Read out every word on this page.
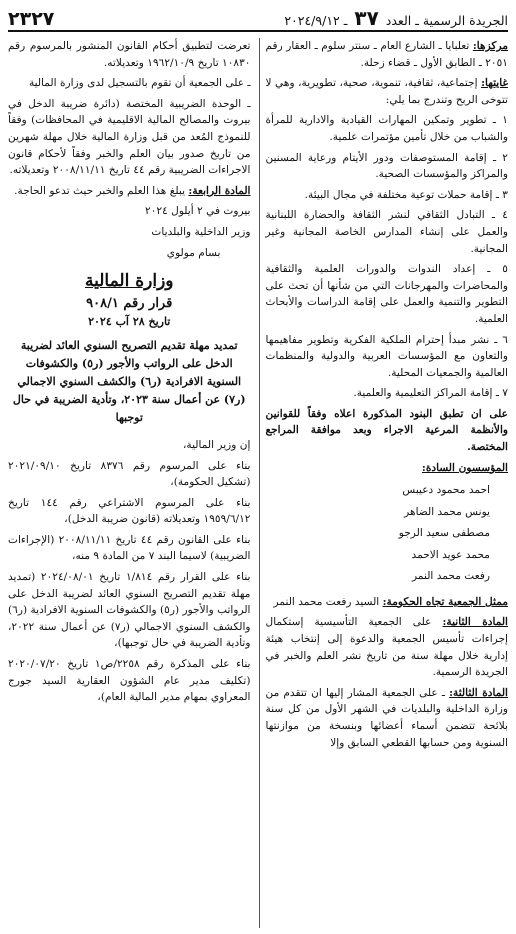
الجريدة الرسمية ـ العدد ٣٧ ـ ٢٠٢٤/٩/١٢
٢٣٢٧

مركزها: تعلبايا ـ الشارع العام ـ سنتر سلوم ـ العقار رقم ٢٠٥١ ـ الطابق الأول ـ قضاء زحلة.

غايتها: إجتماعية، ثقافية، تنموية، صحية، تطويرية، وهي لا تتوخى الربح وتندرج بما يلي:

١ ـ تطوير وتمكين المهارات القيادية والادارية للمرأة والشباب من خلال تأمين مؤتمرات علمية.

٢ ـ إقامة المستوصفات ودور الأيتام ورعاية المسنين والمراكز والمؤسسات الصحية.

٣ ـ إقامة حملات توعية مختلفة في مجال البيئة.

٤ ـ التبادل الثقافي لنشر الثقافة والحضارة اللبنانية والعمل على إنشاء المدارس الخاصة المجانية وغير المجانية.

٥ ـ إعداد الندوات والدورات العلمية والثقافية والمحاضرات والمهرجانات التي من شأنها أن تحث على التطوير والتنمية والعمل على إقامة الدراسات والأبحاث العلمية.

٦ ـ نشر مبدأ إحترام الملكية الفكرية وتطوير مفاهيمها والتعاون مع المؤسسات العربية والدولية والمنظمات العالمية والجمعيات المحلية.

٧ ـ إقامة المراكز التعليمية والعلمية.

على ان تطبق البنود المذكورة اعلاه وفقاً للقوانين والأنظمة المرعية الاجراء وبعد موافقة المراجع المختصة.

المؤسسون السادة:

احمد محمود دعيبس
يونس محمد الضاهر
مصطفى سعيد الرجو
محمد عويد الاحمد
رفعت محمد النمر

ممثل الجمعية تجاه الحكومة: السيد رفعت محمد النمر

المادة الثانية: على الجمعية التأسيسية إستكمال إجراءات تأسيس الجمعية والدعوة إلى إنتخاب هيئة إدارية خلال مهلة سنة من تاريخ نشر العلم والخبر في الجريدة الرسمية.

المادة الثالثة: ـ على الجمعية المشار إليها ان تتقدم من وزارة الداخلية والبلديات في الشهر الأول من كل سنة بلائحة تتضمن أسماء أعضائها وبنسخة من موازنتها السنوية ومن حسابها القطعي السابق وإلا

تعرضت لتطبيق أحكام القانون المنشور بالمرسوم رقم ١٠٨٣٠ تاريخ ١٩٦٢/١٠/٩ وتعديلاته.

ـ على الجمعية أن تقوم بالتسجيل لدى وزارة المالية

ـ الوحدة الضريبية المختصة (دائرة ضريبة الدخل في بيروت والمصالح المالية الاقليمية في المحافظات) وفقاً للنموذج المُعد من قبل وزارة المالية خلال مهلة شهرين من تاريخ صدور بيان العلم والخبر وفقاً لأحكام قانون الاجراءات الضريبية رقم ٤٤ تاريخ ٢٠٠٨/١١/١١ وتعديلاته.

المادة الرابعة: يبلغ هذا العلم والخبر حيث تدعو الحاجة.

بيروت في ٢ أيلول ٢٠٢٤

وزير الداخلية والبلديات

بسام مولوي

وزارة المالية
قرار رقم ٩٠٨/١
تاريخ ٢٨ آب ٢٠٢٤
تمديد مهلة تقديم التصريح السنوي العائد لضريبة الدخل على الرواتب والأجور (ر٥) والكشوفات السنوية الافرادية (ر٦) والكشف السنوي الاجمالي (ر٧) عن أعمال سنة ٢٠٢٣، وتأدية الضريبة في حال توجبها

إن وزير المالية،

بناء على المرسوم رقم ٨٣٧٦ تاريخ ٢٠٢١/٠٩/١٠ (تشكيل الحكومة)،

بناء على المرسوم الاشتراعي رقم ١٤٤ تاريخ ١٩٥٩/٦/١٢ وتعديلاته (قانون ضريبة الدخل)،

بناء على القانون رقم ٤٤ تاريخ ٢٠٠٨/١١/١١ (الإجراءات الضريبية) لاسيما البند ٧ من المادة ٩ منه،

بناء على القرار رقم ١/٨١٤ تاريخ ٢٠٢٤/٠٨/٠١ (تمديد مهلة تقديم التصريح السنوي العائد لضريبة الدخل على الرواتب والأجور (ر٥) والكشوفات السنوية الافرادية (ر٦) والكشف السنوي الاجمالي (ر٧) عن أعمال سنة ٢٠٢٢، وتأدية الضريبة في حال توجبها)،

بناء على المذكرة رقم ٢٢٥٨/ص١ تاريخ ٢٠٢٠/٠٧/٢٠ (تكليف مدير عام الشؤون العقارية السيد جورج المعراوي بمهام مدير المالية العام)،
